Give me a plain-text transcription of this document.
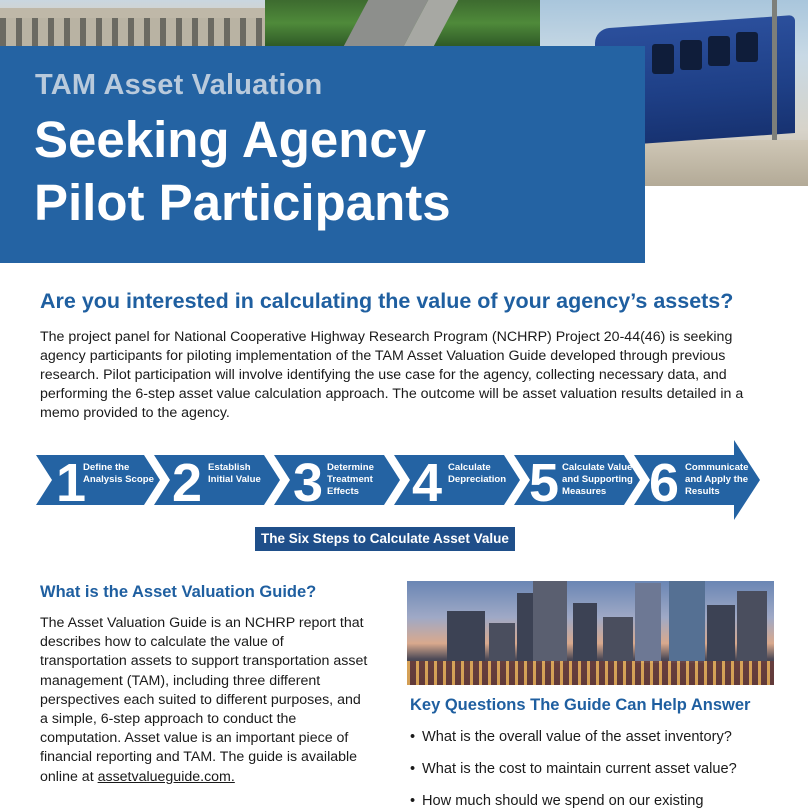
TAM Asset Valuation
Seeking Agency
Pilot Participants
Are you interested in calculating the value of your agency’s assets?

The project panel for National Cooperative Highway Research Program (NCHRP) Project 20-44(46) is seeking agency participants for piloting implementation of the TAM Asset Valuation Guide developed through previous research. Pilot participation will involve identifying the use case for the agency, collecting necessary data, and performing the 6-step asset value calculation approach. The outcome will be asset valuation results detailed in a memo provided to the agency.

1
Define the
Analysis Scope 2 Establish
Initial Value 3 Determine
Treatment
Effects 4 Calculate
Depreciation 5 Calculate Value
and Supporting
Measures 6 Communicate
and Apply the
Results
The Six Steps to Calculate Asset Value
What is the Asset Valuation Guide?

The Asset Valuation Guide is an NCHRP report that describes how to calculate the value of transportation assets to support transportation asset management (TAM), including three different perspectives each suited to different purposes, and a simple, 6-step approach to conduct the computation. Asset value is an important piece of financial reporting and TAM. The guide is available online at assetvalueguide.com.

Key Questions The Guide Can Help Answer
• What is the overall value of the asset inventory?
• What is the cost to maintain current asset value?
• How much should we spend on our existing
